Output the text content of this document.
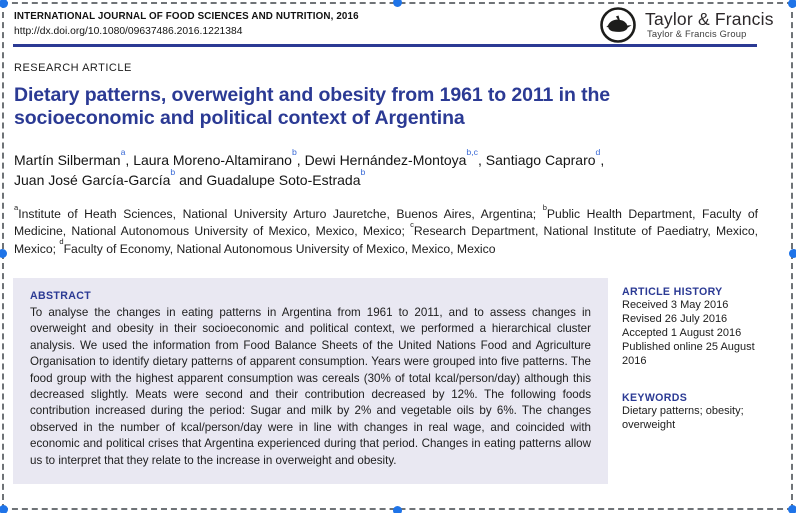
INTERNATIONAL JOURNAL OF FOOD SCIENCES AND NUTRITION, 2016
http://dx.doi.org/10.1080/09637486.2016.1221384
Taylor & Francis
Taylor & Francis Group
RESEARCH ARTICLE
Dietary patterns, overweight and obesity from 1961 to 2011 in the socioeconomic and political context of Argentina

Martín Silberman$^a$, Laura Moreno-Altamirano$^b$, Dewi Hernández-Montoya$^{b,c}$, Santiago Capraro$^d$, Juan José García-García$^b$ and Guadalupe Soto-Estrada$^b$

$^a$Institute of Heath Sciences, National University Arturo Jauretche, Buenos Aires, Argentina; $^b$Public Health Department, Faculty of Medicine, National Autonomous University of Mexico, Mexico, Mexico; $^c$Research Department, National Institute of Paediatry, Mexico, Mexico; $^d$Faculty of Economy, National Autonomous University of Mexico, Mexico, Mexico

ABSTRACT
To analyse the changes in eating patterns in Argentina from 1961 to 2011, and to assess changes in overweight and obesity in their socioeconomic and political context, we performed a hierarchical cluster analysis. We used the information from Food Balance Sheets of the United Nations Food and Agriculture Organisation to identify dietary patterns of apparent consumption. Years were grouped into five patterns. The food group with the highest apparent consumption was cereals (30% of total kcal/person/day) although this decreased slightly. Meats were second and their contribution decreased by 12%. The following foods contribution increased during the period: Sugar and milk by 2% and vegetable oils by 6%. The changes observed in the number of kcal/person/day were in line with changes in real wage, and coincided with economic and political crises that Argentina experienced during that period. Changes in eating patterns allow us to interpret that they relate to the increase in overweight and obesity.
ARTICLE HISTORY
Received 3 May 2016
Revised 26 July 2016
Accepted 1 August 2016
Published online 25 August 2016
KEYWORDS
Dietary patterns; obesity; overweight
